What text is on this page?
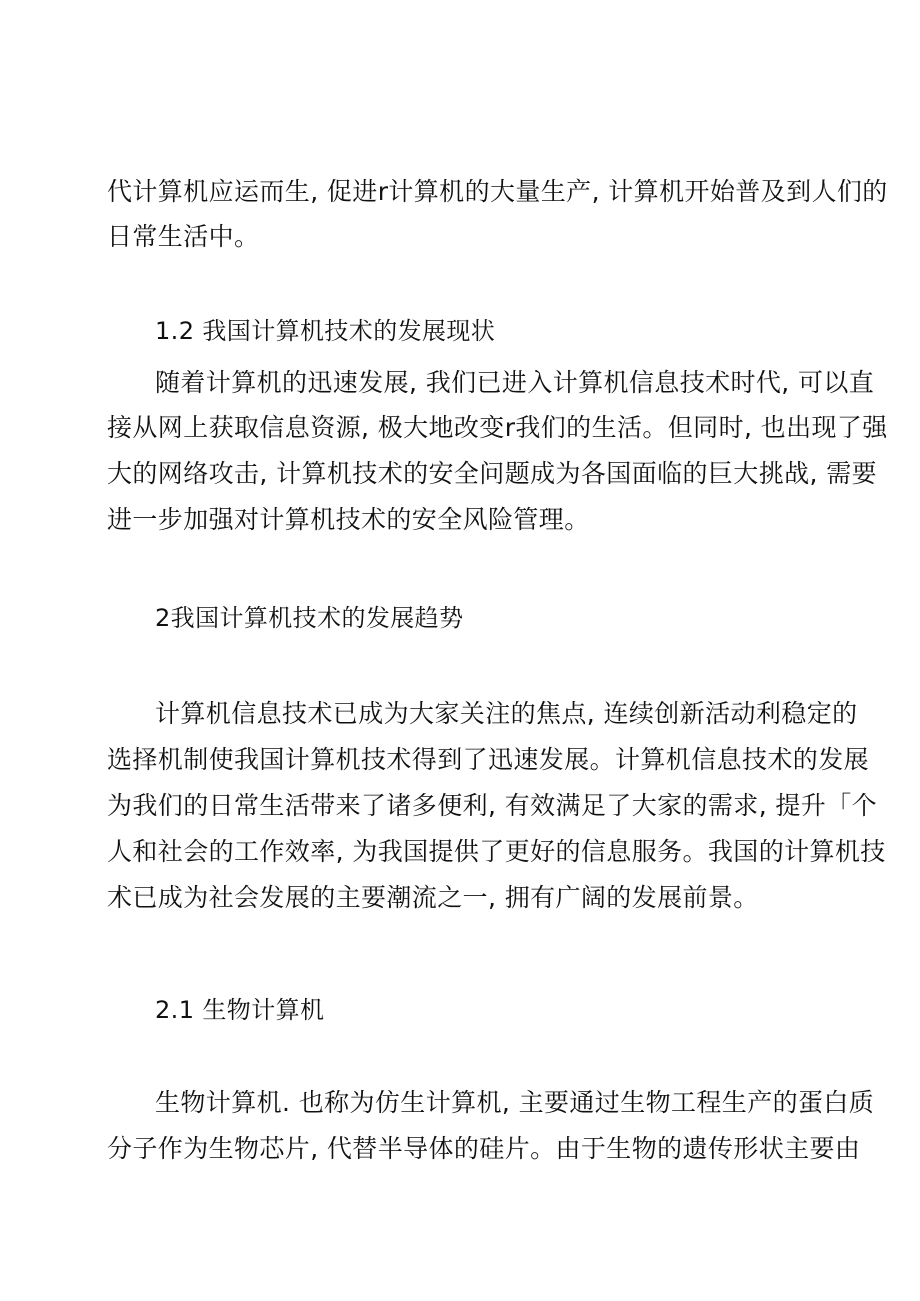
代计算机应运而生, 促进r计算机的大量生产, 计算机开始普及到人们的
日常生活中。
1.2 我国计算机技术的发展现状
随着计算机的迅速发展, 我们已进入计算机信息技术时代, 可以直
接从网上获取信息资源, 极大地改变r我们的生活。但同时, 也出现了强
大的网络攻击, 计算机技术的安全问题成为各国面临的巨大挑战, 需要
进一步加强对计算机技术的安全风险管理。
2我国计算机技术的发展趋势
计算机信息技术已成为大家关注的焦点, 连续创新活动利稳定的
选择机制使我国计算机技术得到了迅速发展。计算机信息技术的发展
为我们的日常生活带来了诸多便利, 有效满足了大家的需求, 提升「个
人和社会的工作效率, 为我国提供了更好的信息服务。我国的计算机技
术已成为社会发展的主要潮流之一, 拥有广阔的发展前景。
2.1 生物计算机
生物计算机. 也称为仿生计算机, 主要通过生物工程生产的蛋白质
分子作为生物芯片, 代替半导体的硅片。由于生物的遗传形状主要由
